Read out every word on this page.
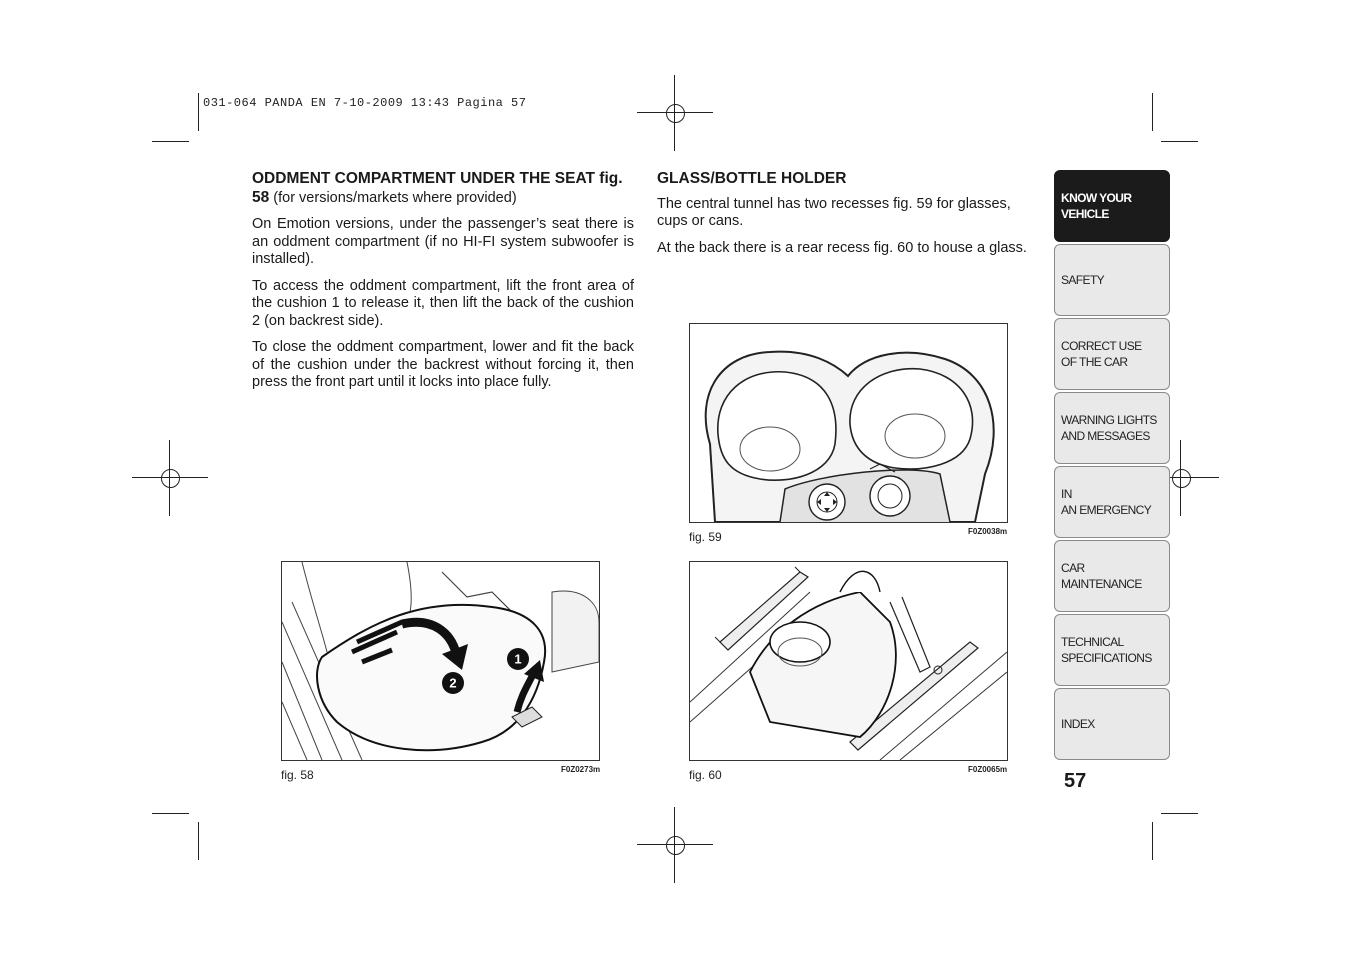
031-064 PANDA EN 7-10-2009 13:43 Pagina 57

ODDMENT COMPARTMENT UNDER THE SEAT fig. 58 (for versions/markets where provided)

On Emotion versions, under the passenger’s seat there is an oddment compartment (if no HI-FI system subwoofer is installed).

To access the oddment compartment, lift the front area of the cushion 1 to release it, then lift the back of the cushion 2 (on backrest side).

To close the oddment compartment, lower and fit the back of the cushion under the backrest without forcing it, then press the front part until it locks into place fully.

GLASS/BOTTLE HOLDER

The central tunnel has two recesses fig. 59 for glasses, cups or cans.

At the back there is a rear recess fig. 60 to house a glass.

fig. 59	F0Z0038m
1
2
fig. 58	F0Z0273m	fig. 60	F0Z0065m
KNOW YOUR
VEHICLE
SAFETY
CORRECT USE
OF THE CAR
WARNING LIGHTS
AND MESSAGES
IN
AN EMERGENCY
CAR
MAINTENANCE
TECHNICAL
SPECIFICATIONS
INDEX
57
